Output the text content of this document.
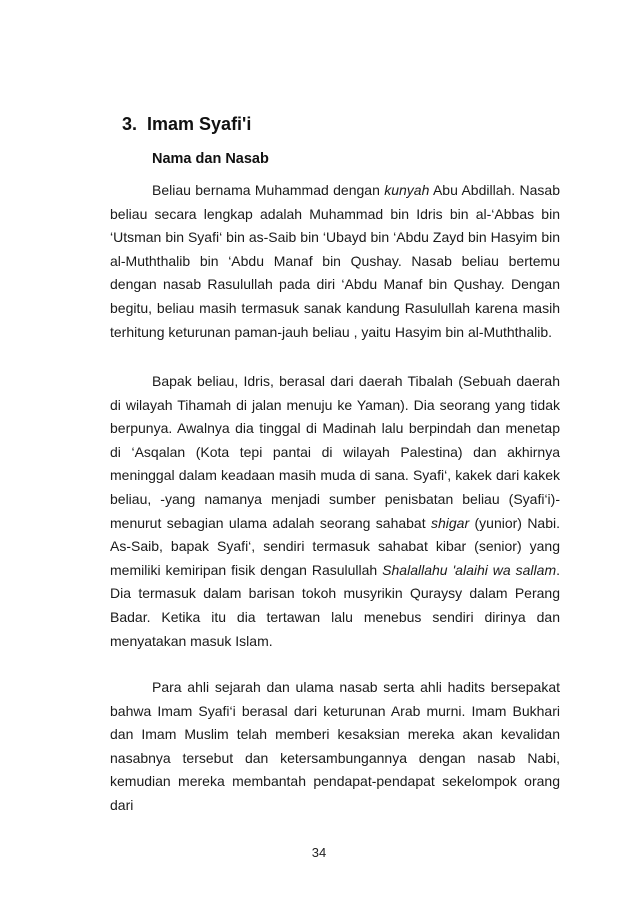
3. Imam Syafi'i
Nama dan Nasab

Beliau bernama Muhammad dengan kunyah Abu Abdillah. Nasab beliau secara lengkap adalah Muhammad bin Idris bin al-‘Abbas bin ‘Utsman bin Syafi‘ bin as-Saib bin ‘Ubayd bin ‘Abdu Zayd bin Hasyim bin al-Muththalib bin ‘Abdu Manaf bin Qushay. Nasab beliau bertemu dengan nasab Rasulullah pada diri ‘Abdu Manaf bin Qushay. Dengan begitu, beliau masih termasuk sanak kandung Rasulullah karena masih terhitung keturunan paman-jauh beliau , yaitu Hasyim bin al-Muththalib.

Bapak beliau, Idris, berasal dari daerah Tibalah (Sebuah daerah di wilayah Tihamah di jalan menuju ke Yaman). Dia seorang yang tidak berpunya. Awalnya dia tinggal di Madinah lalu berpindah dan menetap di ‘Asqalan (Kota tepi pantai di wilayah Palestina) dan akhirnya meninggal dalam keadaan masih muda di sana. Syafi‘, kakek dari kakek beliau, -yang namanya menjadi sumber penisbatan beliau (Syafi‘i)- menurut sebagian ulama adalah seorang sahabat shigar (yunior) Nabi. As-Saib, bapak Syafi‘, sendiri termasuk sahabat kibar (senior) yang memiliki kemiripan fisik dengan Rasulullah Shalallahu 'alaihi wa sallam. Dia termasuk dalam barisan tokoh musyrikin Quraysy dalam Perang Badar. Ketika itu dia tertawan lalu menebus sendiri dirinya dan menyatakan masuk Islam.

Para ahli sejarah dan ulama nasab serta ahli hadits bersepakat bahwa Imam Syafi‘i berasal dari keturunan Arab murni. Imam Bukhari dan Imam Muslim telah memberi kesaksian mereka akan kevalidan nasabnya tersebut dan ketersambungannya dengan nasab Nabi, kemudian mereka membantah pendapat-pendapat sekelompok orang dari

34
